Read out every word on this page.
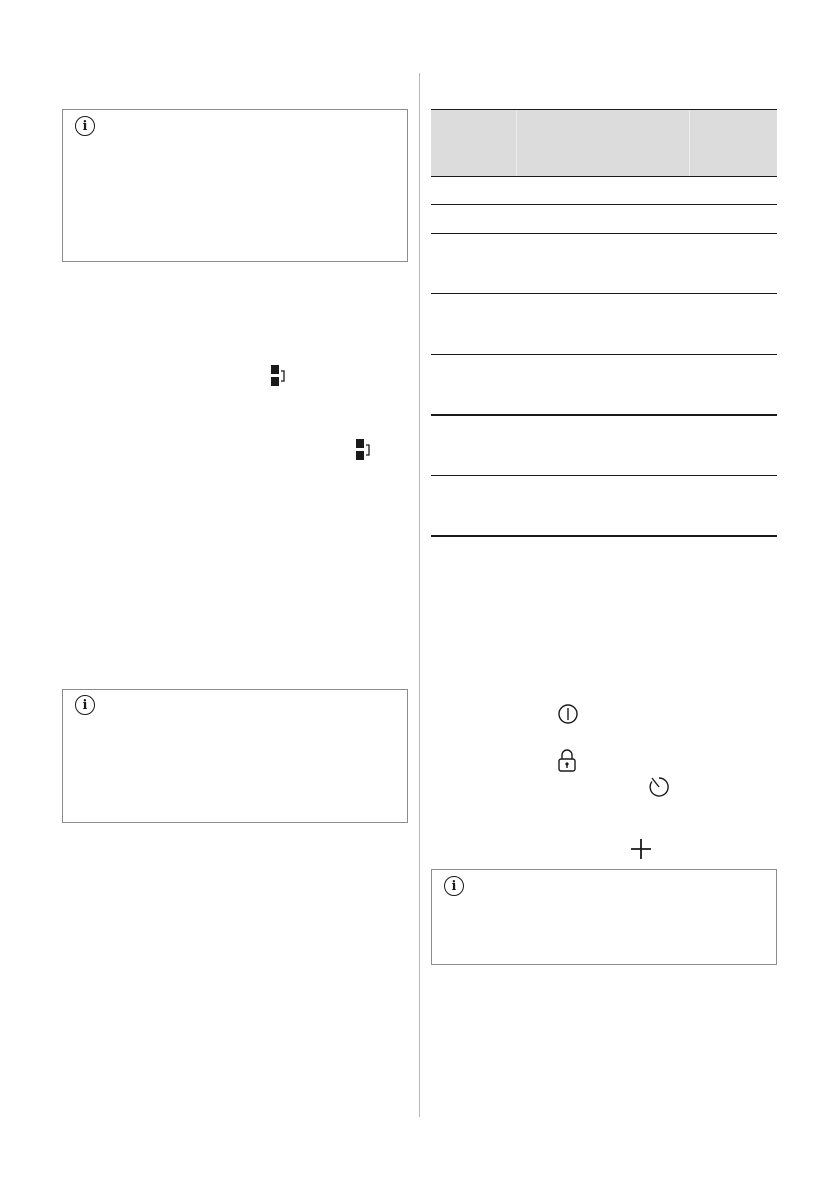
i
i
i
